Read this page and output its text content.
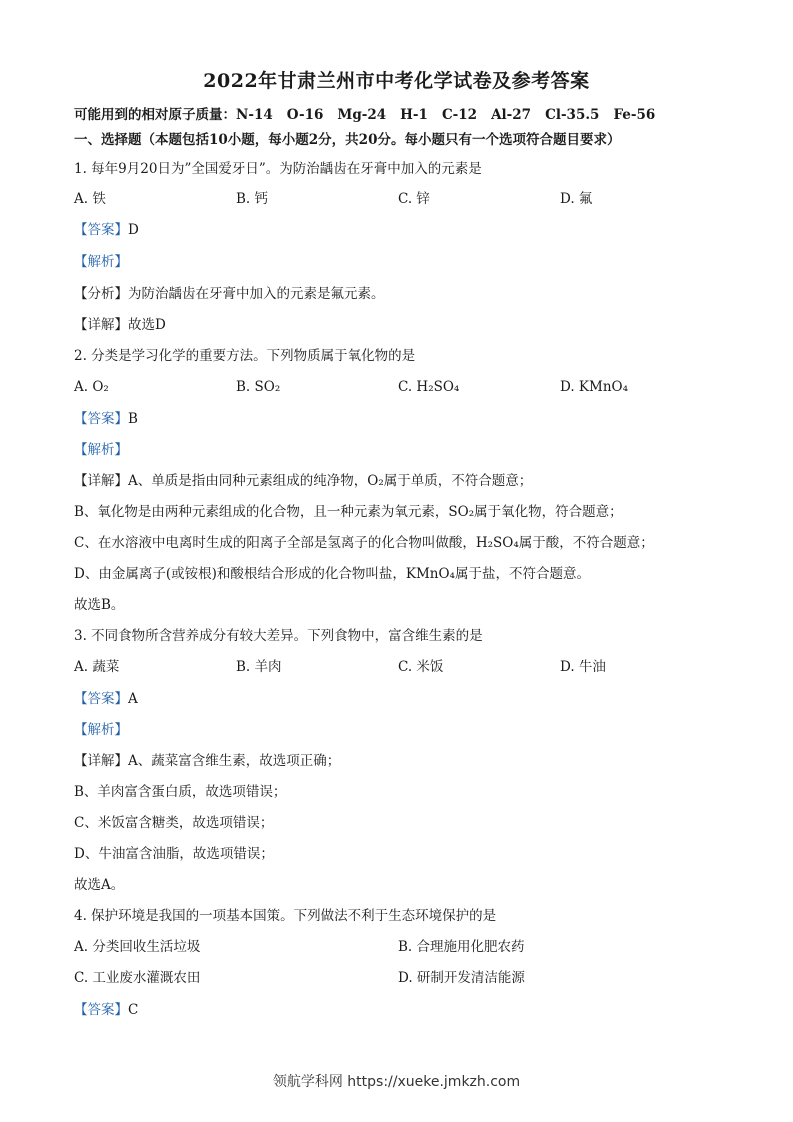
2022年甘肃兰州市中考化学试卷及参考答案
可能用到的相对原子质量：N-14 O-16 Mg-24 H-1 C-12 Al-27 Cl-35.5 Fe-56
一、选择题（本题包括10小题，每小题2分，共20分。每小题只有一个选项符合题目要求）
1. 每年9月20日为”全国爱牙日”。为防治龋齿在牙膏中加入的元素是
A. 铁	B. 钙	C. 锌	D. 氟
【答案】D
【解析】
【分析】为防治龋齿在牙膏中加入的元素是氟元素。
【详解】故选D
2. 分类是学习化学的重要方法。下列物质属于氧化物的是
A. O₂	B. SO₂	C. H₂SO₄	D. KMnO₄
【答案】B
【解析】
【详解】A、单质是指由同种元素组成的纯净物，O₂属于单质，不符合题意；
B、氧化物是由两种元素组成的化合物，且一种元素为氧元素，SO₂属于氧化物，符合题意；
C、在水溶液中电离时生成的阳离子全部是氢离子的化合物叫做酸，H₂SO₄属于酸，不符合题意；
D、由金属离子(或铵根)和酸根结合形成的化合物叫盐，KMnO₄属于盐，不符合题意。
故选B。
3. 不同食物所含营养成分有较大差异。下列食物中，富含维生素的是
A. 蔬菜	B. 羊肉	C. 米饭	D. 牛油
【答案】A
【解析】
【详解】A、蔬菜富含维生素，故选项正确；
B、羊肉富含蛋白质，故选项错误；
C、米饭富含糖类，故选项错误；
D、牛油富含油脂，故选项错误；
故选A。
4. 保护环境是我国的一项基本国策。下列做法不利于生态环境保护的是
A. 分类回收生活垃圾	B. 合理施用化肥农药
C. 工业废水灌溉农田	D. 研制开发清洁能源
【答案】C
领航学科网 https://xueke.jmkzh.com
